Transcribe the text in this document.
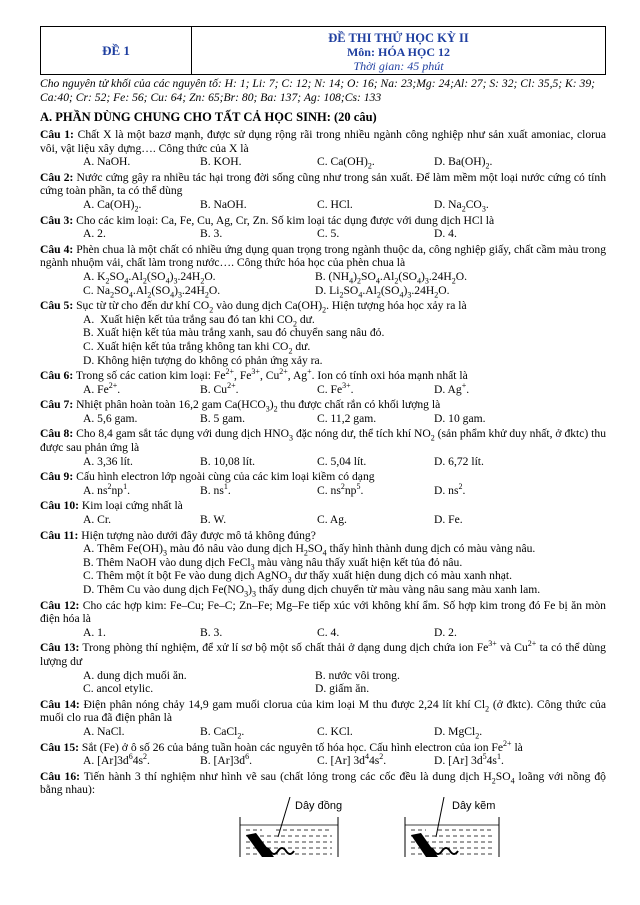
ĐỀ 1
ĐỀ THI THỬ HỌC KỲ II
Môn: HÓA HỌC 12
Thời gian: 45 phút
Cho nguyên tử khối của các nguyên tố: H: 1; Li: 7; C: 12; N: 14; O: 16; Na: 23;Mg: 24;Al: 27; S: 32; Cl: 35,5; K: 39; Ca:40; Cr: 52; Fe: 56; Cu: 64; Zn: 65;Br: 80; Ba: 137; Ag: 108;Cs: 133
A. PHẦN DÙNG CHUNG CHO TẤT CẢ HỌC SINH: (20 câu)
Câu 1: Chất X là một bazơ mạnh, được sử dụng rộng rãi trong nhiều ngành công nghiệp như sản xuất amoniac, clorua vôi, vật liệu xây dựng…. Công thức của X là
A. NaOH.	B. KOH.	C. $Ca(OH)_2$.	D. $Ba(OH)_2$.
Câu 2: Nước cứng gây ra nhiều tác hại trong đời sống cũng như trong sản xuất. Để làm mềm một loại nước cứng có tính cứng toàn phần, ta có thể dùng
A. $Ca(OH)_2$.	B. NaOH.	C. HCl.	D. $Na_2CO_3$.
Câu 3: Cho các kim loại: Ca, Fe, Cu, Ag, Cr, Zn. Số kim loại tác dụng được với dung dịch HCl là
A. 2.	B. 3.	C. 5.	D. 4.
Câu 4: Phèn chua là một chất có nhiều ứng dụng quan trọng trong ngành thuộc da, công nghiệp giấy, chất cầm màu trong ngành nhuộm vải, chất làm trong nước…. Công thức hóa học của phèn chua là
A. $K_2SO_4.Al_2(SO_4)_3.24H_2O$.	B. $(NH_4)_2SO_4.Al_2(SO_4)_3.24H_2O$.
C. $Na_2SO_4.Al_2(SO_4)_3.24H_2O$.	D. $Li_2SO_4.Al_2(SO_4)_3.24H_2O$.
Câu 5: Sục từ từ cho đến dư khí $CO_2$ vào dung dịch $Ca(OH)_2$. Hiện tượng hóa học xảy ra là
A.  Xuất hiện kết tủa trắng sau đó tan khi $CO_2$ dư.
B. Xuất hiện kết tủa màu trắng xanh, sau đó chuyển sang nâu đỏ.
C. Xuất hiện kết tủa trắng không tan khi $CO_2$ dư.
D. Không hiện tượng do không có phản ứng xảy ra.
Câu 6: Trong số các cation kim loại: $Fe^{2+}$, $Fe^{3+}$, $Cu^{2+}$, Ag+. Ion có tính oxi hóa mạnh nhất là
A. $Fe^{2+}$.	B. $Cu^{2+}$.	C. $Fe^{3+}$.	D. Ag+.
Câu 7: Nhiệt phân hoàn toàn 16,2 gam $Ca(HCO_3)_2$ thu được chất rắn có khối lượng là
A. 5,6 gam.	B. 5 gam.	C. 11,2 gam.	D. 10 gam.
Câu 8: Cho 8,4 gam sắt tác dụng với dung dịch $HNO_3$ đặc nóng dư, thể tích khí $NO_2$ (sản phẩm khử duy nhất, ở đktc) thu được sau phản ứng là
A. 3,36 lít.	B. 10,08 lít.	C. 5,04 lít.	D. 6,72 lít.
Câu 9: Cấu hình electron lớp ngoài cùng của các kim loại kiềm có dạng
A. $ns^2np^1$.	B. $ns^1$.	C. $ns^2np^5$.	D. $ns^2$.
Câu 10: Kim loại cứng nhất là
A. Cr.	B. W.	C. Ag.	D. Fe.
Câu 11: Hiện tượng nào dưới đây được mô tả không đúng?
A. Thêm $Fe(OH)_3$ màu đỏ nâu vào dung dịch $H_2SO_4$ thấy hình thành dung dịch có màu vàng nâu.
B. Thêm NaOH vào dung dịch FeCl$_3$ màu vàng nâu thấy xuất hiện kết tủa đỏ nâu.
C. Thêm một ít bột Fe vào dung dịch AgNO$_3$ dư thấy xuất hiện dung dịch có màu xanh nhạt.
D. Thêm Cu vào dung dịch $Fe(NO_3)_3$ thấy dung dịch chuyển từ màu vàng nâu sang màu xanh lam.
Câu 12: Cho các hợp kim: Fe–Cu; Fe–C; Zn–Fe; Mg–Fe tiếp xúc với không khí ẩm. Số hợp kim trong đó Fe bị ăn mòn điện hóa là
A. 1.	B. 3.	C. 4.	D. 2.
Câu 13: Trong phòng thí nghiệm, để xử lí sơ bộ một số chất thải ở dạng dung dịch chứa ion $Fe^{3+}$ và $Cu^{2+}$ ta có thể dùng lượng dư
A. dung dịch muối ăn.	B. nước vôi trong.
C. ancol etylic.	D. giấm ăn.
Câu 14: Điện phân nóng chảy 14,9 gam muối clorua của kim loại M thu được 2,24 lít khí $Cl_2$ (ở đktc). Công thức của muối clo rua đã điện phân là
A. NaCl.	B. CaCl$_2$.	C. KCl.	D. MgCl$_2$.
Câu 15: Sắt (Fe) ở ô số 26 của bảng tuần hoàn các nguyên tố hóa học. Cấu hình electron của ion $Fe^{2+}$ là
A. $[Ar]3d^64s^2$.	B. $[Ar]3d^6$.	C. [Ar] $3d^44s^2$.	D. [Ar] $3d^54s^1$.
Câu 16: Tiến hành 3 thí nghiệm như hình vẽ sau (chất lỏng trong các cốc đều là dung dịch $H_2SO_4$ loãng với nồng độ bằng nhau):
Dây đồng	Dây kẽm
